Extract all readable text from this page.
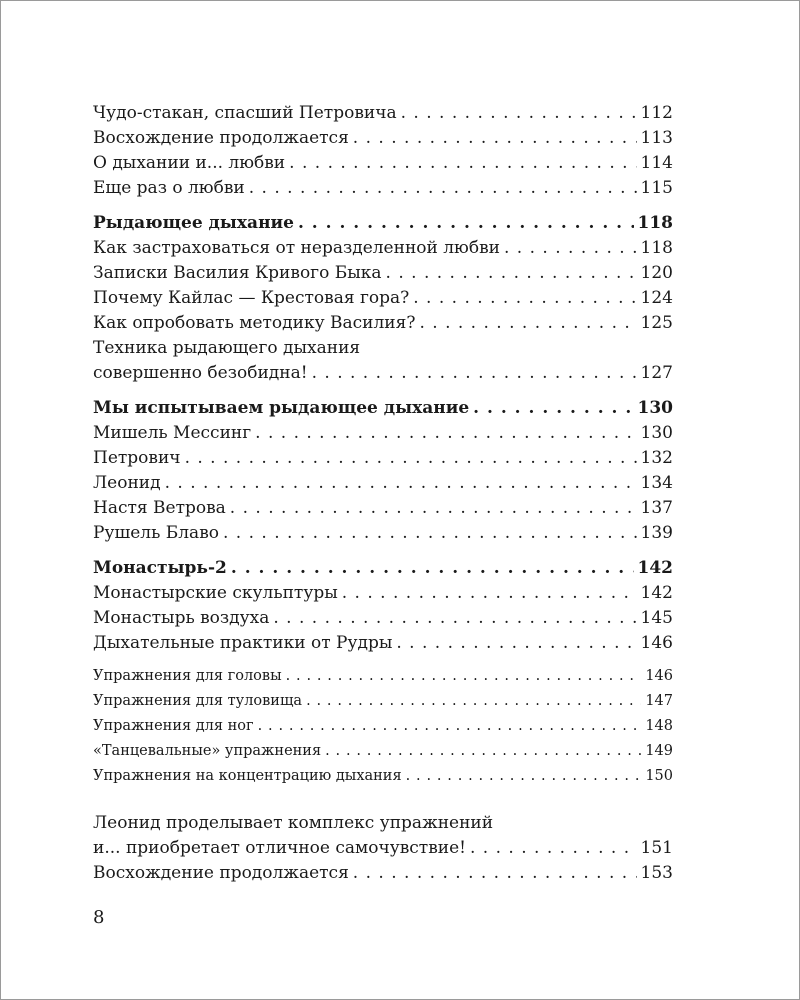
Чудо-стакан, спасший Петровича . . .	112
Восхождение продолжается . . .	113
О дыхании и... любви . . .	114
Еще раз о любви . . .	115
Рыдающее дыхание . . .	118
Как застраховаться от неразделенной любви . . .	118
Записки Василия Кривого Быка . . .	120
Почему Кайлас — Крестовая гора? . . .	124
Как опробовать методику Василия? . . .	125
Техника рыдающего дыхания
совершенно безобидна! . . .	127
Мы испытываем рыдающее дыхание . . .	130
Мишель Мессинг . . .	130
Петрович . . .	132
Леонид . . .	134
Настя Ветрова . . .	137
Рушель Блаво . . .	139
Монастырь-2 . . .	142
Монастырские скульптуры . . .	142
Монастырь воздуха . . .	145
Дыхательные практики от Рудры . . .	146
Упражнения для головы . . .	146
Упражнения для туловища . . .	147
Упражнения для ног . . .	148
«Танцевальные» упражнения . . .	149
Упражнения на концентрацию дыхания . . .	150
Леонид проделывает комплекс упражнений
и... приобретает отличное самочувствие! . . .	151
Восхождение продолжается . . .	153
8
